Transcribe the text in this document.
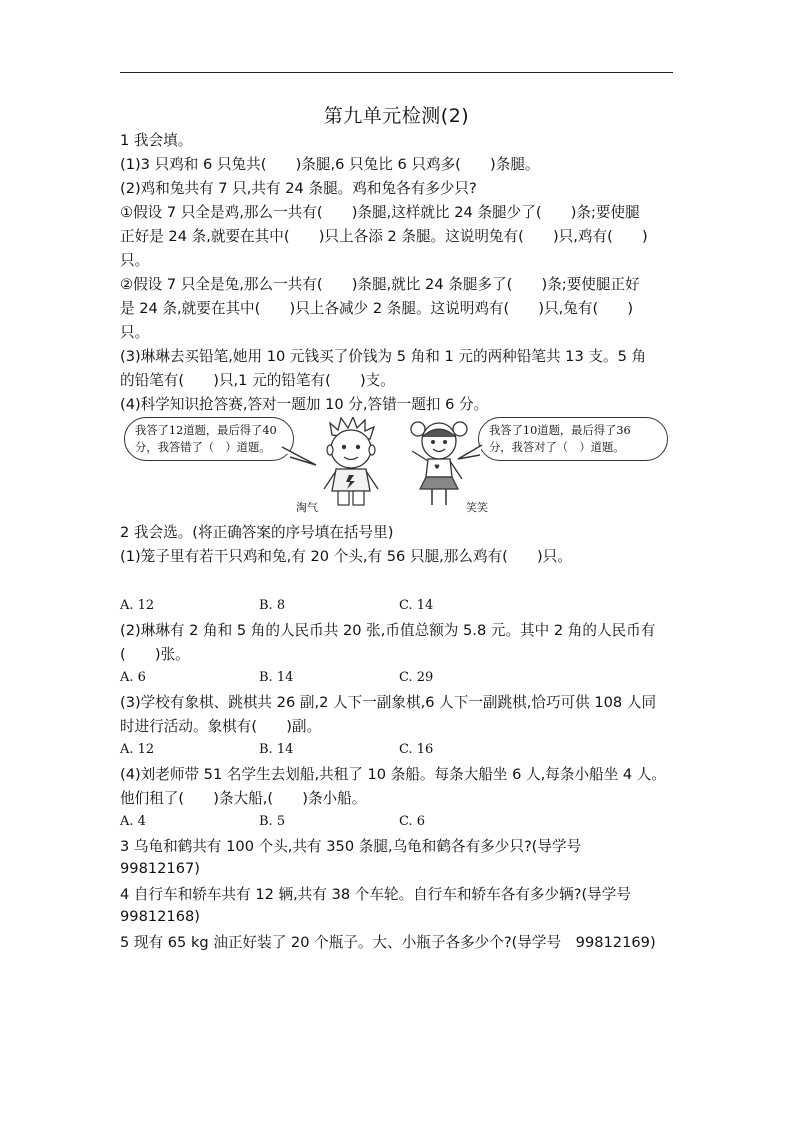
第九单元检测(2)
1 我会填。
(1)3 只鸡和 6 只兔共(　　)条腿,6 只兔比 6 只鸡多(　　)条腿。
(2)鸡和兔共有 7 只,共有 24 条腿。鸡和兔各有多少只?
①假设 7 只全是鸡,那么一共有(　　)条腿,这样就比 24 条腿少了(　　)条;要使腿
正好是 24 条,就要在其中(　　)只上各添 2 条腿。这说明兔有(　　)只,鸡有(　　)
只。
②假设 7 只全是兔,那么一共有(　　)条腿,就比 24 条腿多了(　　)条;要使腿正好
是 24 条,就要在其中(　　)只上各减少 2 条腿。这说明鸡有(　　)只,兔有(　　)
只。
(3)琳琳去买铅笔,她用 10 元钱买了价钱为 5 角和 1 元的两种铅笔共 13 支。5 角
的铅笔有(　　)只,1 元的铅笔有(　　)支。
(4)科学知识抢答赛,答对一题加 10 分,答错一题扣 6 分。
我答了12道题，最后得了40
分，我答错了（　）道题。
我答了10道题，最后得了36
分，我答对了（　）道题。
淘气	笑笑
2 我会选。(将正确答案的序号填在括号里)
(1)笼子里有若干只鸡和兔,有 20 个头,有 56 只腿,那么鸡有(　　)只。
A. 12	B. 8	C. 14
(2)琳琳有 2 角和 5 角的人民币共 20 张,币值总额为 5.8 元。其中 2 角的人民币有
(　　)张。
A. 6	B. 14	C. 29
(3)学校有象棋、跳棋共 26 副,2 人下一副象棋,6 人下一副跳棋,恰巧可供 108 人同
时进行活动。象棋有(　　)副。
A. 12	B. 14	C. 16
(4)刘老师带 51 名学生去划船,共租了 10 条船。每条大船坐 6 人,每条小船坐 4 人。
他们租了(　　)条大船,(　　)条小船。
A. 4	B. 5	C. 6
3 乌龟和鹤共有 100 个头,共有 350 条腿,乌龟和鹤各有多少只?(导学号
99812167)
4 自行车和轿车共有 12 辆,共有 38 个车轮。自行车和轿车各有多少辆?(导学号
99812168)
5 现有 65 kg 油正好装了 20 个瓶子。大、小瓶子各多少个?(导学号　99812169)
